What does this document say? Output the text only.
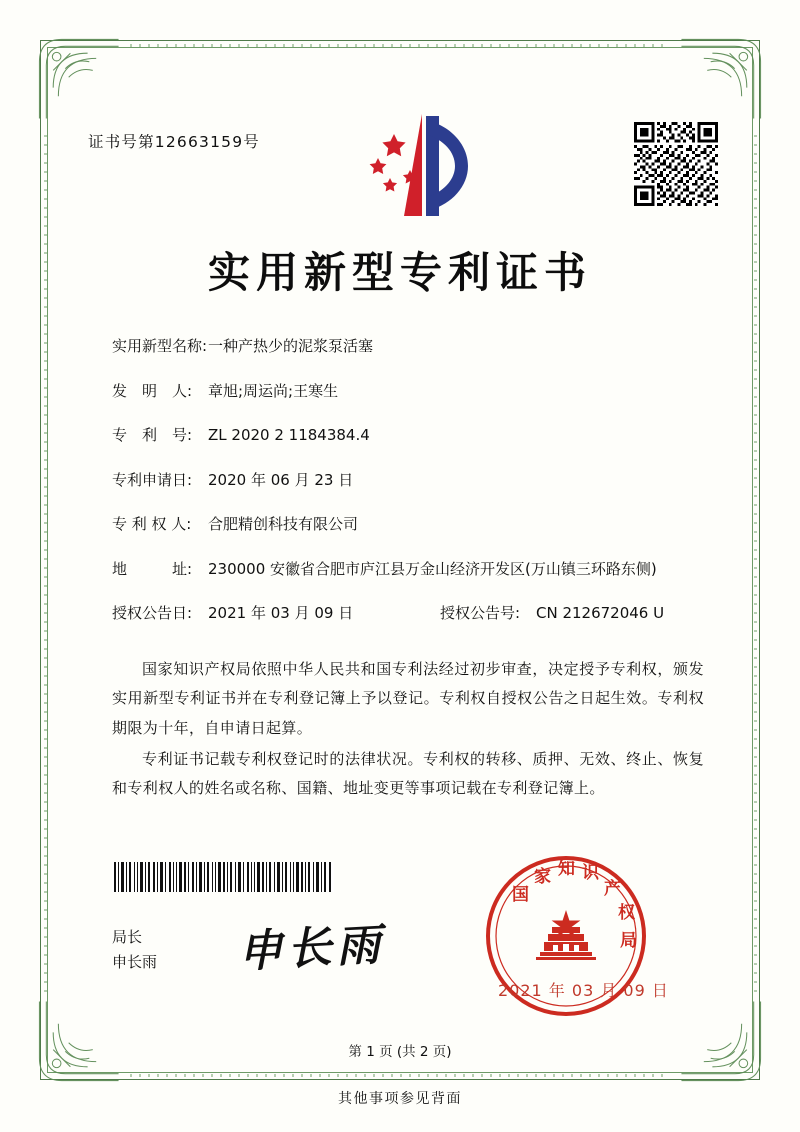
证书号第12663159号
实用新型专利证书
实用新型名称: 一种产热少的泥浆泵活塞
发　明　人:	章旭;周运尚;王寒生
专　利　号:	ZL 2020 2 1184384.4
专利申请日:	2020 年 06 月 23 日
专 利 权 人:	合肥精创科技有限公司
地　　　址:	230000 安徽省合肥市庐江县万金山经济开发区(万山镇三环路东侧)
授权公告日:	2021 年 03 月 09 日	授权公告号:	CN 212672046 U

国家知识产权局依照中华人民共和国专利法经过初步审查，决定授予专利权，颁发实用新型专利证书并在专利登记簿上予以登记。专利权自授权公告之日起生效。专利权期限为十年，自申请日起算。

专利证书记载专利权登记时的法律状况。专利权的转移、质押、无效、终止、恢复和专利权人的姓名或名称、国籍、地址变更等事项记载在专利登记簿上。

局长
申长雨 申长雨
国
家 知 识 产 权 局
2021 年 03 月 09 日
第 1 页 (共 2 页)
其他事项参见背面
